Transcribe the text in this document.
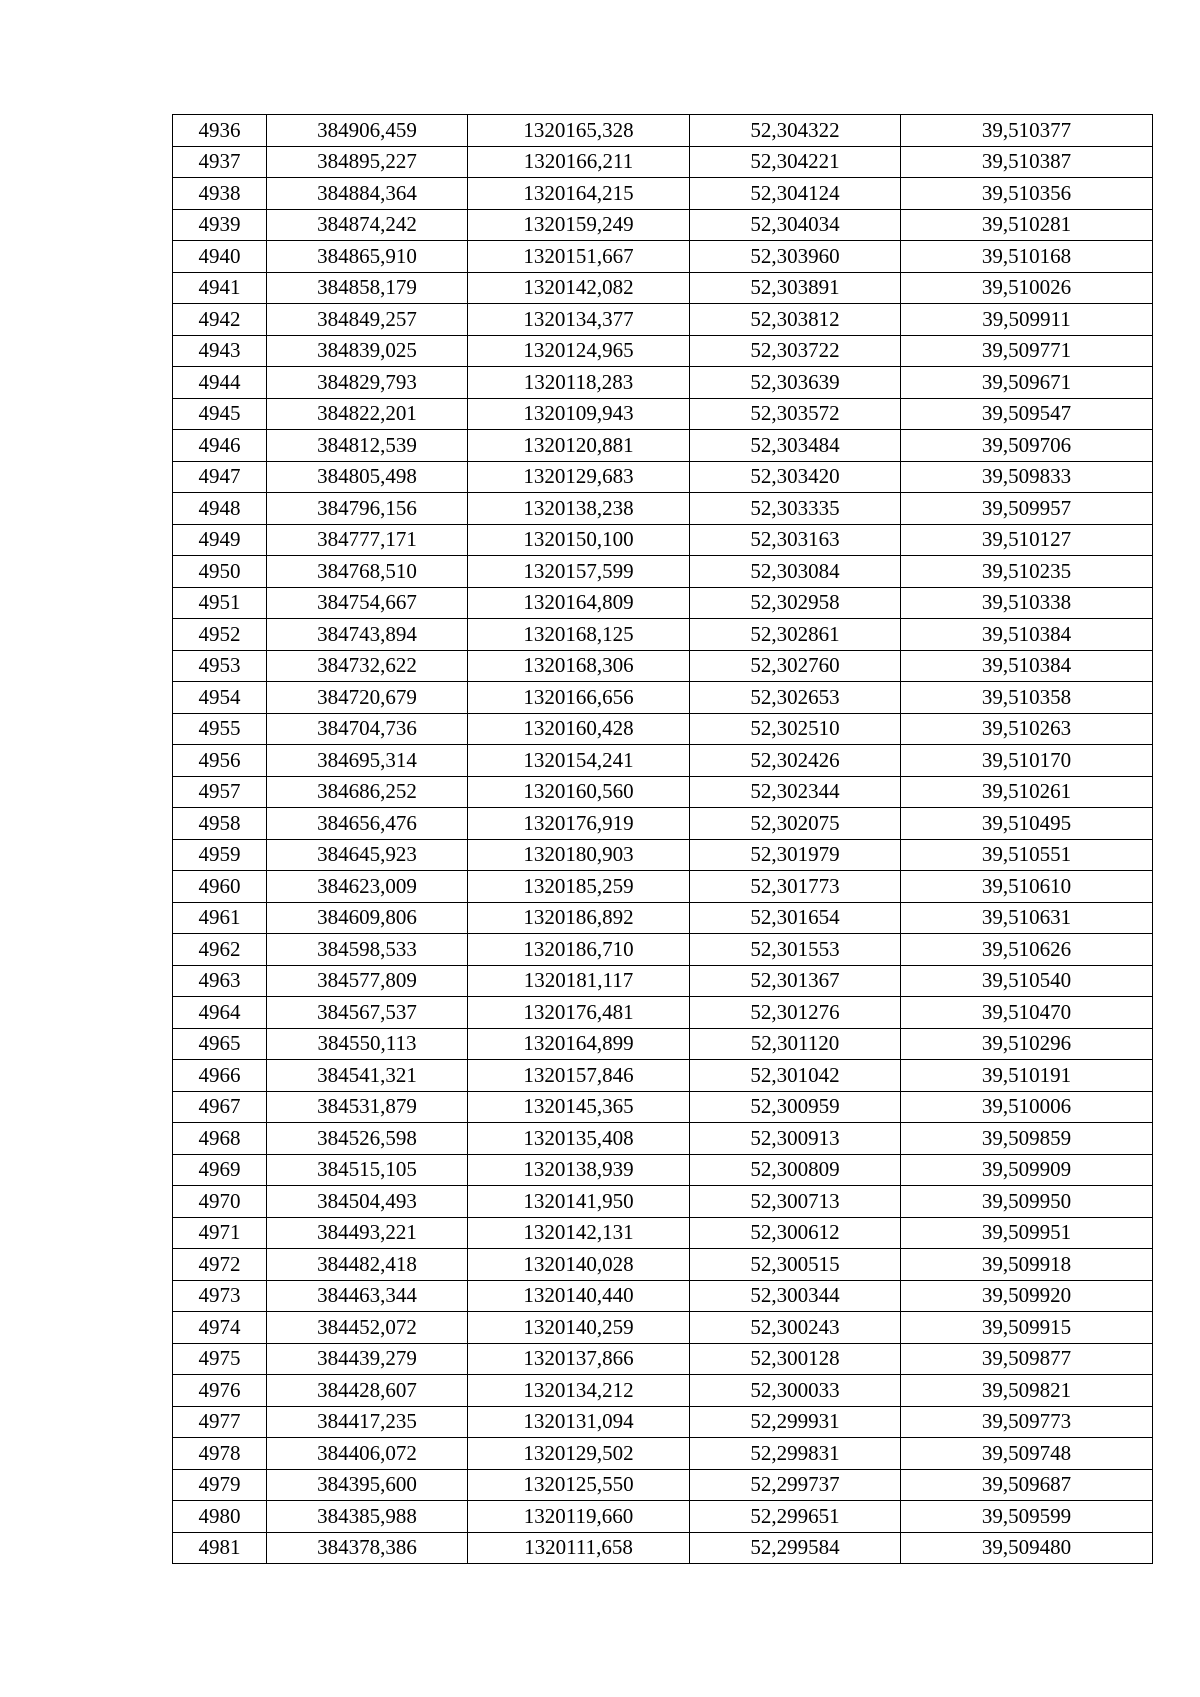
4936	384906,459	1320165,328	52,304322	39,510377
4937	384895,227	1320166,211	52,304221	39,510387
4938	384884,364	1320164,215	52,304124	39,510356
4939	384874,242	1320159,249	52,304034	39,510281
4940	384865,910	1320151,667	52,303960	39,510168
4941	384858,179	1320142,082	52,303891	39,510026
4942	384849,257	1320134,377	52,303812	39,509911
4943	384839,025	1320124,965	52,303722	39,509771
4944	384829,793	1320118,283	52,303639	39,509671
4945	384822,201	1320109,943	52,303572	39,509547
4946	384812,539	1320120,881	52,303484	39,509706
4947	384805,498	1320129,683	52,303420	39,509833
4948	384796,156	1320138,238	52,303335	39,509957
4949	384777,171	1320150,100	52,303163	39,510127
4950	384768,510	1320157,599	52,303084	39,510235
4951	384754,667	1320164,809	52,302958	39,510338
4952	384743,894	1320168,125	52,302861	39,510384
4953	384732,622	1320168,306	52,302760	39,510384
4954	384720,679	1320166,656	52,302653	39,510358
4955	384704,736	1320160,428	52,302510	39,510263
4956	384695,314	1320154,241	52,302426	39,510170
4957	384686,252	1320160,560	52,302344	39,510261
4958	384656,476	1320176,919	52,302075	39,510495
4959	384645,923	1320180,903	52,301979	39,510551
4960	384623,009	1320185,259	52,301773	39,510610
4961	384609,806	1320186,892	52,301654	39,510631
4962	384598,533	1320186,710	52,301553	39,510626
4963	384577,809	1320181,117	52,301367	39,510540
4964	384567,537	1320176,481	52,301276	39,510470
4965	384550,113	1320164,899	52,301120	39,510296
4966	384541,321	1320157,846	52,301042	39,510191
4967	384531,879	1320145,365	52,300959	39,510006
4968	384526,598	1320135,408	52,300913	39,509859
4969	384515,105	1320138,939	52,300809	39,509909
4970	384504,493	1320141,950	52,300713	39,509950
4971	384493,221	1320142,131	52,300612	39,509951
4972	384482,418	1320140,028	52,300515	39,509918
4973	384463,344	1320140,440	52,300344	39,509920
4974	384452,072	1320140,259	52,300243	39,509915
4975	384439,279	1320137,866	52,300128	39,509877
4976	384428,607	1320134,212	52,300033	39,509821
4977	384417,235	1320131,094	52,299931	39,509773
4978	384406,072	1320129,502	52,299831	39,509748
4979	384395,600	1320125,550	52,299737	39,509687
4980	384385,988	1320119,660	52,299651	39,509599
4981	384378,386	1320111,658	52,299584	39,509480
